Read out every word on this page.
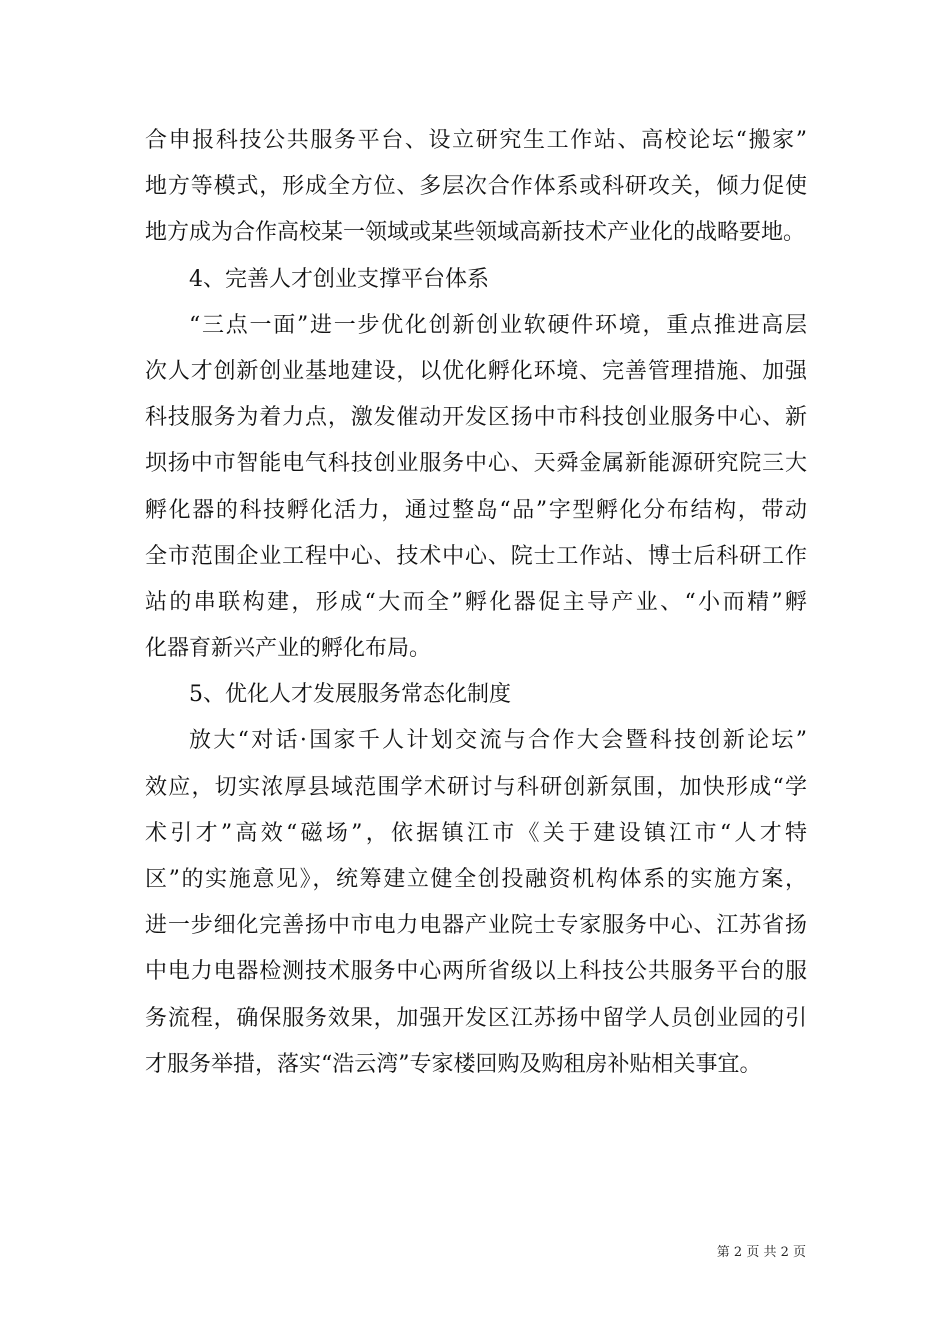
合申报科技公共服务平台、设立研究生工作站、高校论坛“搬家”
地方等模式，形成全方位、多层次合作体系或科研攻关，倾力促使
地方成为合作高校某一领域或某些领域高新技术产业化的战略要地。
4、完善人才创业支撑平台体系
“三点一面”进一步优化创新创业软硬件环境，重点推进高层
次人才创新创业基地建设，以优化孵化环境、完善管理措施、加强
科技服务为着力点，激发催动开发区扬中市科技创业服务中心、新
坝扬中市智能电气科技创业服务中心、天舜金属新能源研究院三大
孵化器的科技孵化活力，通过整岛“品”字型孵化分布结构，带动
全市范围企业工程中心、技术中心、院士工作站、博士后科研工作
站的串联构建，形成“大而全”孵化器促主导产业、“小而精”孵
化器育新兴产业的孵化布局。
5、优化人才发展服务常态化制度
放大“对话·国家千人计划交流与合作大会暨科技创新论坛”
效应，切实浓厚县域范围学术研讨与科研创新氛围，加快形成“学
术引才”高效“磁场”，依据镇江市《关于建设镇江市“人才特
区”的实施意见》，统筹建立健全创投融资机构体系的实施方案，
进一步细化完善扬中市电力电器产业院士专家服务中心、江苏省扬
中电力电器检测技术服务中心两所省级以上科技公共服务平台的服
务流程，确保服务效果，加强开发区江苏扬中留学人员创业园的引
才服务举措，落实“浩云湾”专家楼回购及购租房补贴相关事宜。
第 2 页 共 2 页
